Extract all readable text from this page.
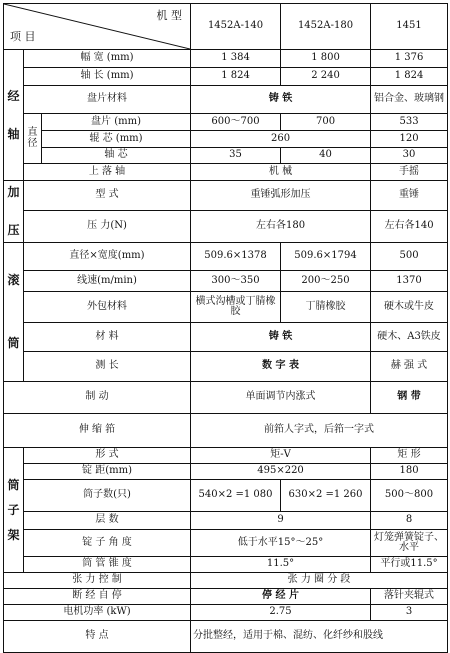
机 型
项 目			1452A-140	1452A-180	1451
经

轴	幅 宽 (mm)		1 384	1 800	1 376
	轴 长 (mm)		1 824	2 240	1 824
	盘片材料		铸 铁		铝合金、玻璃钢
	直
径	盘片 (mm)	600～700	700	533
		辊 芯 (mm)	260		120
		轴 芯	35	40	30
	上 落 轴		机 械		手摇
加

压	型 式		重锤弧形加压		重锤
	压 力(N)		左右各180		左右各140
滚

筒	直径×宽度(mm)		509.6×1378	509.6×1794	500
	线速(m/min)		300～350	200～250	1370
	外包材料		横式沟槽或丁腈橡胶	丁腈橡胶	硬木或牛皮
	材 料		铸 铁		硬木、A3铁皮
	测 长		数 字 表		赫 强 式
制 动			单面调节内涨式		钢 带
伸 缩 筘			前筘人字式，后筘一字式		
筒

子

架	形 式		矩-V		矩 形
	锭 距(mm)		495×220		180
	筒子数(只)		540×2 =1 080	630×2 =1 260	500～800
	层 数		9		8
	锭 子 角 度		低于水平15°～25°		灯笼弹簧锭子、水平
	筒 管 锥 度		11.5°		平行或11.5°
张 力 控 制			张 力 圈 分 段		
断 经 自 停			停 经 片		落针夹辊式
电机功率 (kW)			2.75		3
特 点			分批整经，适用于棉、混纺、化纤纱和股线		
